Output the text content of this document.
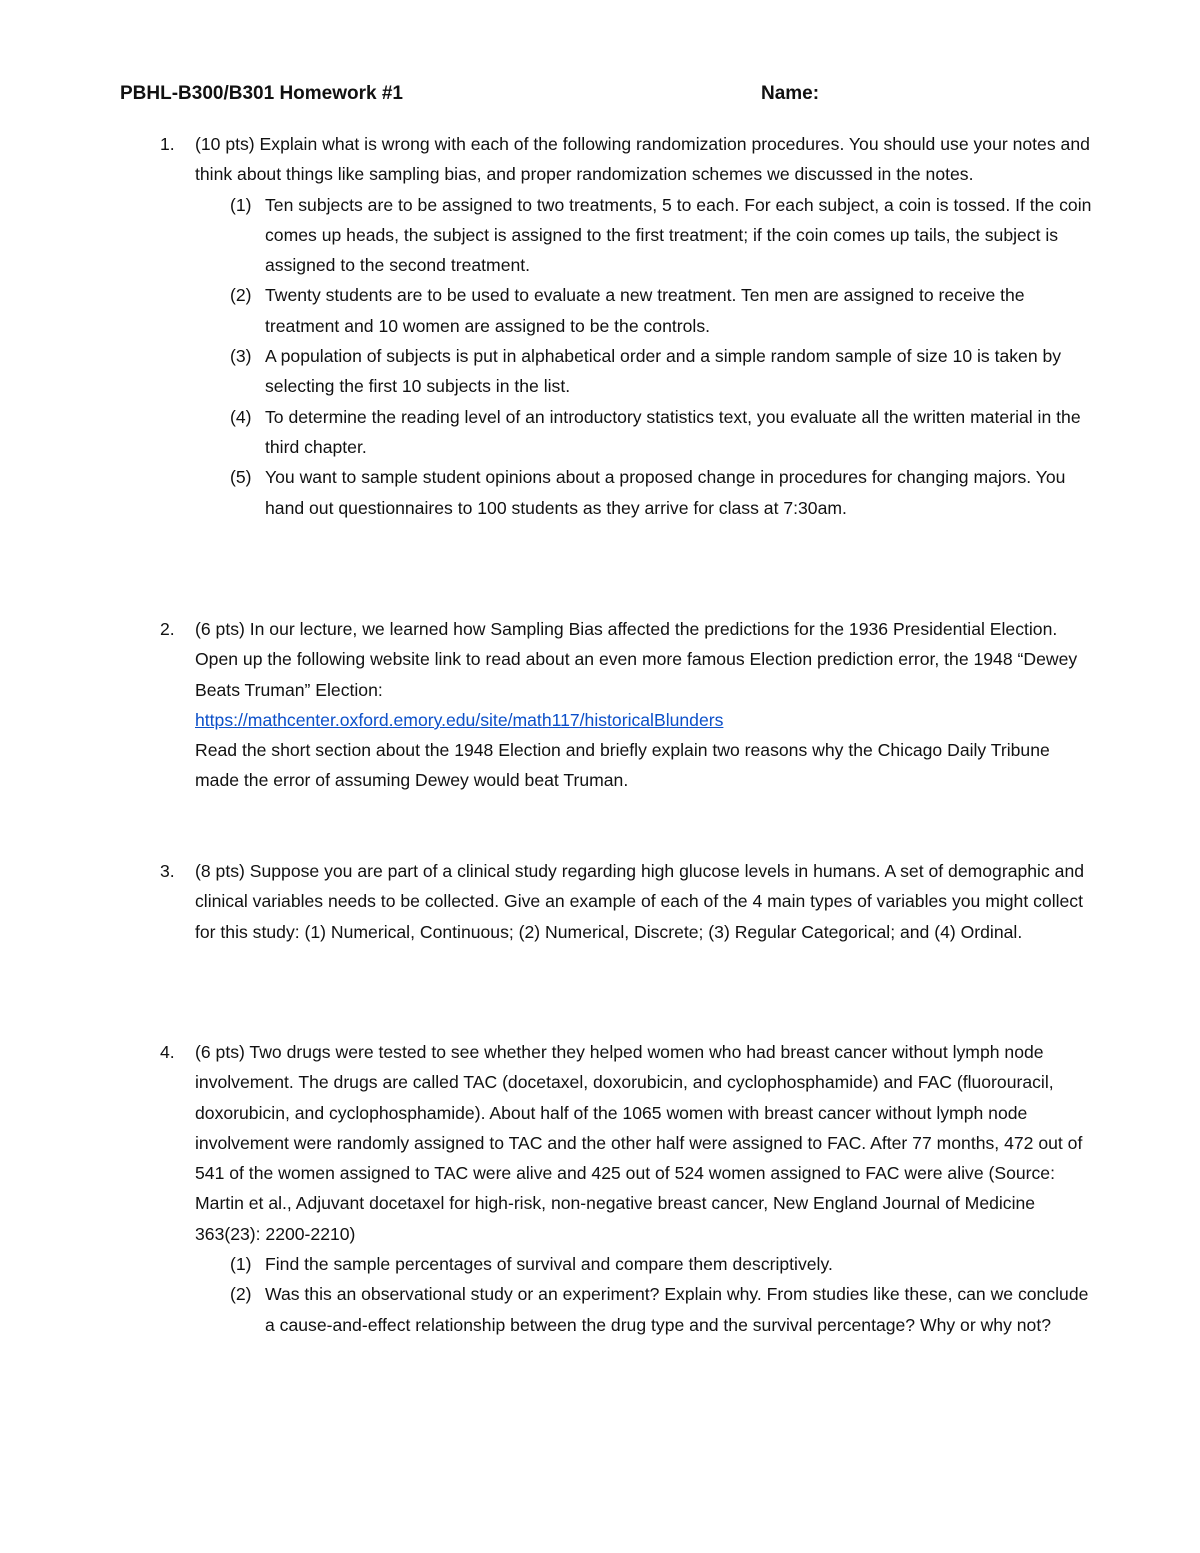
PBHL-B300/B301 Homework #1	Name:
1. (10 pts) Explain what is wrong with each of the following randomization procedures. You should use your notes and think about things like sampling bias, and proper randomization schemes we discussed in the notes.

(1) Ten subjects are to be assigned to two treatments, 5 to each. For each subject, a coin is tossed. If the coin comes up heads, the subject is assigned to the first treatment; if the coin comes up tails, the subject is assigned to the second treatment.

(2) Twenty students are to be used to evaluate a new treatment. Ten men are assigned to receive the treatment and 10 women are assigned to be the controls.

(3) A population of subjects is put in alphabetical order and a simple random sample of size 10 is taken by selecting the first 10 subjects in the list.

(4) To determine the reading level of an introductory statistics text, you evaluate all the written material in the third chapter.

(5) You want to sample student opinions about a proposed change in procedures for changing majors. You hand out questionnaires to 100 students as they arrive for class at 7:30am.

2. (6 pts) In our lecture, we learned how Sampling Bias affected the predictions for the 1936 Presidential Election. Open up the following website link to read about an even more famous Election prediction error, the 1948 “Dewey Beats Truman” Election:

https://mathcenter.oxford.emory.edu/site/math117/historicalBlunders

Read the short section about the 1948 Election and briefly explain two reasons why the Chicago Daily Tribune made the error of assuming Dewey would beat Truman.

3. (8 pts) Suppose you are part of a clinical study regarding high glucose levels in humans. A set of demographic and clinical variables needs to be collected. Give an example of each of the 4 main types of variables you might collect for this study: (1) Numerical, Continuous; (2) Numerical, Discrete; (3) Regular Categorical; and (4) Ordinal.

4. (6 pts) Two drugs were tested to see whether they helped women who had breast cancer without lymph node involvement. The drugs are called TAC (docetaxel, doxorubicin, and cyclophosphamide) and FAC (fluorouracil, doxorubicin, and cyclophosphamide). About half of the 1065 women with breast cancer without lymph node involvement were randomly assigned to TAC and the other half were assigned to FAC. After 77 months, 472 out of 541 of the women assigned to TAC were alive and 425 out of 524 women assigned to FAC were alive (Source: Martin et al., Adjuvant docetaxel for high-risk, non-negative breast cancer, New England Journal of Medicine 363(23): 2200-2210)

(1) Find the sample percentages of survival and compare them descriptively.

(2) Was this an observational study or an experiment? Explain why. From studies like these, can we conclude a cause-and-effect relationship between the drug type and the survival percentage? Why or why not?
